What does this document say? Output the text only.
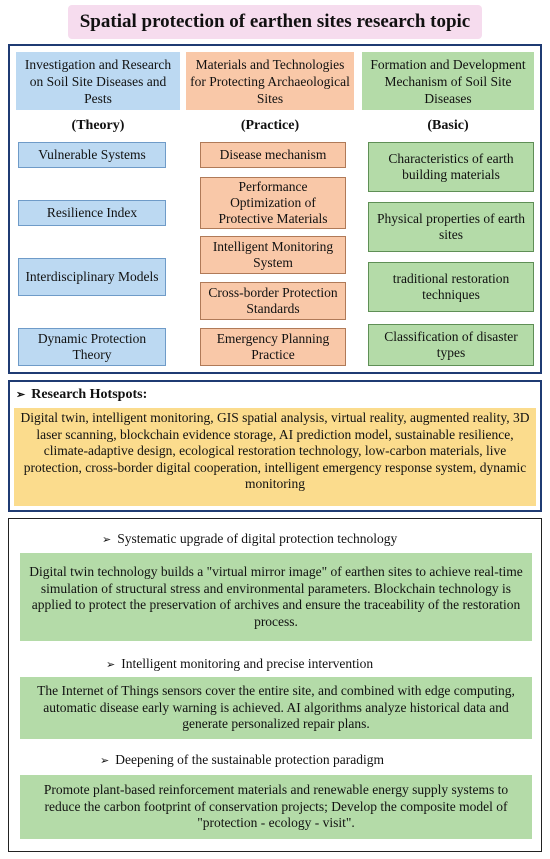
Spatial protection of earthen sites research topic
Investigation and Research on Soil Site Diseases and Pests
Materials and Technologies for Protecting Archaeological Sites
Formation and Development Mechanism of Soil Site Diseases
(Theory)	(Practice)	(Basic)
Vulnerable Systems
Resilience Index
Interdisciplinary Models
Dynamic Protection Theory
Disease mechanism
Performance Optimization of Protective Materials
Intelligent Monitoring System
Cross-border Protection Standards
Emergency Planning Practice
Characteristics of earth building materials
Physical properties of earth sites
traditional restoration techniques
Classification of disaster types
➢ Research Hotspots:
Digital twin, intelligent monitoring, GIS spatial analysis, virtual reality, augmented reality, 3D laser scanning, blockchain evidence storage, AI prediction model, sustainable resilience, climate-adaptive design, ecological restoration technology, low-carbon materials, live protection, cross-border digital cooperation, intelligent emergency response system, dynamic monitoring
➢ Systematic upgrade of digital protection technology
Digital twin technology builds a "virtual mirror image" of earthen sites to achieve real-time simulation of structural stress and environmental parameters. Blockchain technology is applied to protect the preservation of archives and ensure the traceability of the restoration process.
➢ Intelligent monitoring and precise intervention
The Internet of Things sensors cover the entire site, and combined with edge computing, automatic disease early warning is achieved. AI algorithms analyze historical data and generate personalized repair plans.
➢ Deepening of the sustainable protection paradigm
Promote plant-based reinforcement materials and renewable energy supply systems to reduce the carbon footprint of conservation projects; Develop the composite model of "protection - ecology - visit".
